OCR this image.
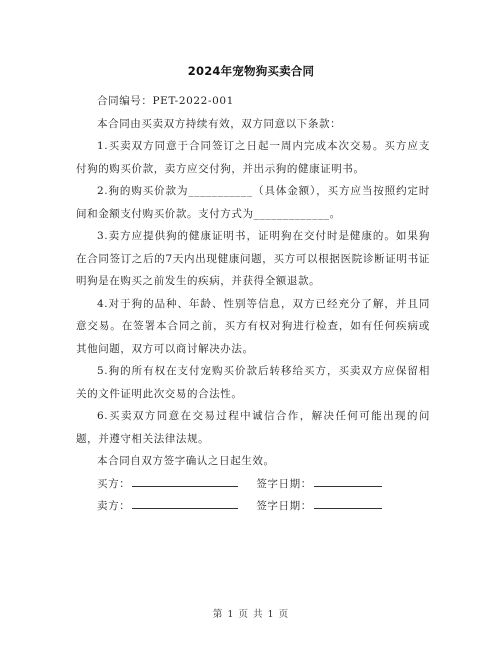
2024年宠物狗买卖合同

合同编号：PET-2022-001

本合同由买卖双方持续有效，双方同意以下条款：

1.买卖双方同意于合同签订之日起一周内完成本次交易。买方应支付狗的购买价款，卖方应交付狗，并出示狗的健康证明书。

2.狗的购买价款为___________（具体金额），买方应当按照约定时间和金额支付购买价款。支付方式为_____________。

3.卖方应提供狗的健康证明书，证明狗在交付时是健康的。如果狗在合同签订之后的7天内出现健康问题，买方可以根据医院诊断证明书证明狗是在购买之前发生的疾病，并获得全额退款。

4.对于狗的品种、年龄、性别等信息，双方已经充分了解，并且同意交易。在签署本合同之前，买方有权对狗进行检查，如有任何疾病或其他问题，双方可以商讨解决办法。

5.狗的所有权在支付宠购买价款后转移给买方，买卖双方应保留相关的文件证明此次交易的合法性。

6.买卖双方同意在交易过程中诚信合作，解决任何可能出现的问题，并遵守相关法律法规。

本合同自双方签字确认之日起生效。

买方：	签字日期：
卖方：	签字日期：
第 1 页 共 1 页
